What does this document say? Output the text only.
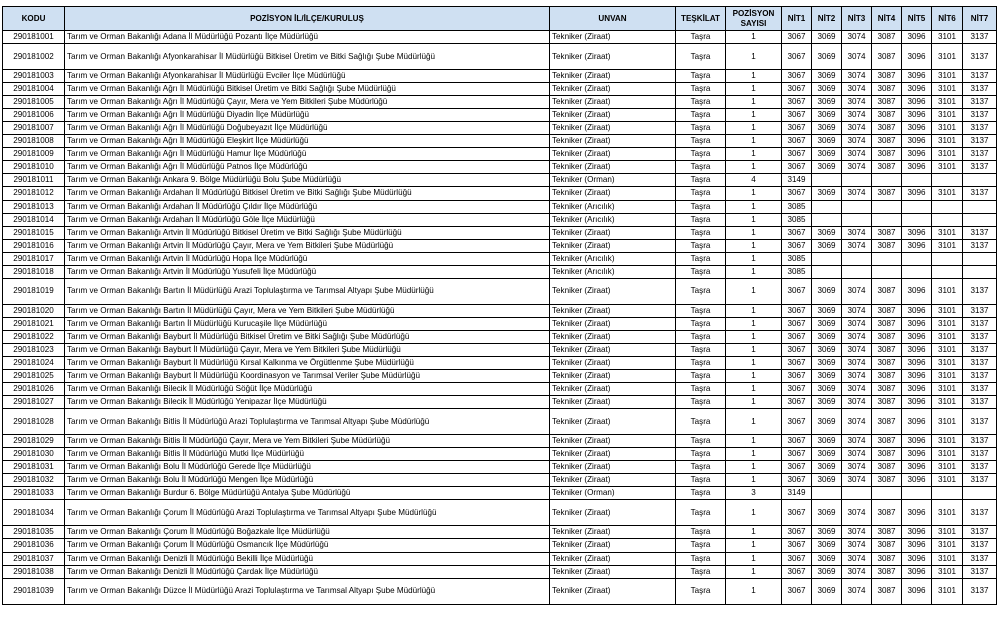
KODU	POZİSYON İL/İLÇE/KURULUŞ	UNVAN	TEŞKİLAT	POZİSYON
SAYISI	NİT1	NİT2	NİT3	NİT4	NİT5	NİT6	NİT7
290181001	Tarım ve Orman Bakanlığı Adana İl Müdürlüğü Pozantı İlçe Müdürlüğü	Tekniker (Ziraat)	Taşra	1	3067	3069	3074	3087	3096	3101	3137
290181002	Tarım ve Orman Bakanlığı Afyonkarahisar İl Müdürlüğü Bitkisel Üretim ve Bitki Sağlığı Şube Müdürlüğü	Tekniker (Ziraat)	Taşra	1	3067	3069	3074	3087	3096	3101	3137
290181003	Tarım ve Orman Bakanlığı Afyonkarahisar İl Müdürlüğü Evciler İlçe Müdürlüğü	Tekniker (Ziraat)	Taşra	1	3067	3069	3074	3087	3096	3101	3137
290181004	Tarım ve Orman Bakanlığı Ağrı İl Müdürlüğü Bitkisel Üretim ve Bitki Sağlığı Şube Müdürlüğü	Tekniker (Ziraat)	Taşra	1	3067	3069	3074	3087	3096	3101	3137
290181005	Tarım ve Orman Bakanlığı Ağrı İl Müdürlüğü Çayır, Mera ve Yem Bitkileri Şube Müdürlüğü	Tekniker (Ziraat)	Taşra	1	3067	3069	3074	3087	3096	3101	3137
290181006	Tarım ve Orman Bakanlığı Ağrı İl Müdürlüğü Diyadin İlçe Müdürlüğü	Tekniker (Ziraat)	Taşra	1	3067	3069	3074	3087	3096	3101	3137
290181007	Tarım ve Orman Bakanlığı Ağrı İl Müdürlüğü Doğubeyazıt İlçe Müdürlüğü	Tekniker (Ziraat)	Taşra	1	3067	3069	3074	3087	3096	3101	3137
290181008	Tarım ve Orman Bakanlığı Ağrı İl Müdürlüğü Eleşkirt İlçe Müdürlüğü	Tekniker (Ziraat)	Taşra	1	3067	3069	3074	3087	3096	3101	3137
290181009	Tarım ve Orman Bakanlığı Ağrı İl Müdürlüğü Hamur İlçe Müdürlüğü	Tekniker (Ziraat)	Taşra	1	3067	3069	3074	3087	3096	3101	3137
290181010	Tarım ve Orman Bakanlığı Ağrı İl Müdürlüğü Patnos İlçe Müdürlüğü	Tekniker (Ziraat)	Taşra	1	3067	3069	3074	3087	3096	3101	3137
290181011	Tarım ve Orman Bakanlığı Ankara 9. Bölge Müdürlüğü Bolu Şube Müdürlüğü	Tekniker (Orman)	Taşra	4	3149						
290181012	Tarım ve Orman Bakanlığı Ardahan İl Müdürlüğü Bitkisel Üretim ve Bitki Sağlığı Şube Müdürlüğü	Tekniker (Ziraat)	Taşra	1	3067	3069	3074	3087	3096	3101	3137
290181013	Tarım ve Orman Bakanlığı Ardahan İl Müdürlüğü Çıldır İlçe Müdürlüğü	Tekniker (Arıcılık)	Taşra	1	3085						
290181014	Tarım ve Orman Bakanlığı Ardahan İl Müdürlüğü Göle İlçe Müdürlüğü	Tekniker (Arıcılık)	Taşra	1	3085						
290181015	Tarım ve Orman Bakanlığı Artvin İl Müdürlüğü Bitkisel Üretim ve Bitki Sağlığı Şube Müdürlüğü	Tekniker (Ziraat)	Taşra	1	3067	3069	3074	3087	3096	3101	3137
290181016	Tarım ve Orman Bakanlığı Artvin İl Müdürlüğü Çayır, Mera ve Yem Bitkileri Şube Müdürlüğü	Tekniker (Ziraat)	Taşra	1	3067	3069	3074	3087	3096	3101	3137
290181017	Tarım ve Orman Bakanlığı Artvin İl Müdürlüğü Hopa İlçe Müdürlüğü	Tekniker (Arıcılık)	Taşra	1	3085						
290181018	Tarım ve Orman Bakanlığı Artvin İl Müdürlüğü Yusufeli İlçe Müdürlüğü	Tekniker (Arıcılık)	Taşra	1	3085						
290181019	Tarım ve Orman Bakanlığı Bartın İl Müdürlüğü Arazi Toplulaştırma ve Tarımsal Altyapı Şube Müdürlüğü	Tekniker (Ziraat)	Taşra	1	3067	3069	3074	3087	3096	3101	3137
290181020	Tarım ve Orman Bakanlığı Bartın İl Müdürlüğü Çayır, Mera ve Yem Bitkileri Şube Müdürlüğü	Tekniker (Ziraat)	Taşra	1	3067	3069	3074	3087	3096	3101	3137
290181021	Tarım ve Orman Bakanlığı Bartın İl Müdürlüğü Kurucaşile İlçe Müdürlüğü	Tekniker (Ziraat)	Taşra	1	3067	3069	3074	3087	3096	3101	3137
290181022	Tarım ve Orman Bakanlığı Bayburt İl Müdürlüğü Bitkisel Üretim ve Bitki Sağlığı Şube Müdürlüğü	Tekniker (Ziraat)	Taşra	1	3067	3069	3074	3087	3096	3101	3137
290181023	Tarım ve Orman Bakanlığı Bayburt İl Müdürlüğü Çayır, Mera ve Yem Bitkileri Şube Müdürlüğü	Tekniker (Ziraat)	Taşra	1	3067	3069	3074	3087	3096	3101	3137
290181024	Tarım ve Orman Bakanlığı Bayburt İl Müdürlüğü Kırsal Kalkınma ve Örgütlenme Şube Müdürlüğü	Tekniker (Ziraat)	Taşra	1	3067	3069	3074	3087	3096	3101	3137
290181025	Tarım ve Orman Bakanlığı Bayburt İl Müdürlüğü Koordinasyon ve Tarımsal Veriler Şube Müdürlüğü	Tekniker (Ziraat)	Taşra	1	3067	3069	3074	3087	3096	3101	3137
290181026	Tarım ve Orman Bakanlığı Bilecik İl Müdürlüğü Söğüt İlçe Müdürlüğü	Tekniker (Ziraat)	Taşra	1	3067	3069	3074	3087	3096	3101	3137
290181027	Tarım ve Orman Bakanlığı Bilecik İl Müdürlüğü Yenipazar İlçe Müdürlüğü	Tekniker (Ziraat)	Taşra	1	3067	3069	3074	3087	3096	3101	3137
290181028	Tarım ve Orman Bakanlığı Bitlis İl Müdürlüğü Arazi Toplulaştırma ve Tarımsal Altyapı Şube Müdürlüğü	Tekniker (Ziraat)	Taşra	1	3067	3069	3074	3087	3096	3101	3137
290181029	Tarım ve Orman Bakanlığı Bitlis İl Müdürlüğü Çayır, Mera ve Yem Bitkileri Şube Müdürlüğü	Tekniker (Ziraat)	Taşra	1	3067	3069	3074	3087	3096	3101	3137
290181030	Tarım ve Orman Bakanlığı Bitlis İl Müdürlüğü Mutki İlçe Müdürlüğü	Tekniker (Ziraat)	Taşra	1	3067	3069	3074	3087	3096	3101	3137
290181031	Tarım ve Orman Bakanlığı Bolu İl Müdürlüğü Gerede İlçe Müdürlüğü	Tekniker (Ziraat)	Taşra	1	3067	3069	3074	3087	3096	3101	3137
290181032	Tarım ve Orman Bakanlığı Bolu İl Müdürlüğü Mengen İlçe Müdürlüğü	Tekniker (Ziraat)	Taşra	1	3067	3069	3074	3087	3096	3101	3137
290181033	Tarım ve Orman Bakanlığı Burdur 6. Bölge Müdürlüğü Antalya Şube Müdürlüğü	Tekniker (Orman)	Taşra	3	3149						
290181034	Tarım ve Orman Bakanlığı Çorum İl Müdürlüğü Arazi Toplulaştırma ve Tarımsal Altyapı Şube Müdürlüğü	Tekniker (Ziraat)	Taşra	1	3067	3069	3074	3087	3096	3101	3137
290181035	Tarım ve Orman Bakanlığı Çorum İl Müdürlüğü Boğazkale İlçe Müdürlüğü	Tekniker (Ziraat)	Taşra	1	3067	3069	3074	3087	3096	3101	3137
290181036	Tarım ve Orman Bakanlığı Çorum İl Müdürlüğü Osmancık İlçe Müdürlüğü	Tekniker (Ziraat)	Taşra	1	3067	3069	3074	3087	3096	3101	3137
290181037	Tarım ve Orman Bakanlığı Denizli İl Müdürlüğü Bekilli İlçe Müdürlüğü	Tekniker (Ziraat)	Taşra	1	3067	3069	3074	3087	3096	3101	3137
290181038	Tarım ve Orman Bakanlığı Denizli İl Müdürlüğü Çardak İlçe Müdürlüğü	Tekniker (Ziraat)	Taşra	1	3067	3069	3074	3087	3096	3101	3137
290181039	Tarım ve Orman Bakanlığı Düzce İl Müdürlüğü Arazi Toplulaştırma ve Tarımsal Altyapı Şube Müdürlüğü	Tekniker (Ziraat)	Taşra	1	3067	3069	3074	3087	3096	3101	3137
